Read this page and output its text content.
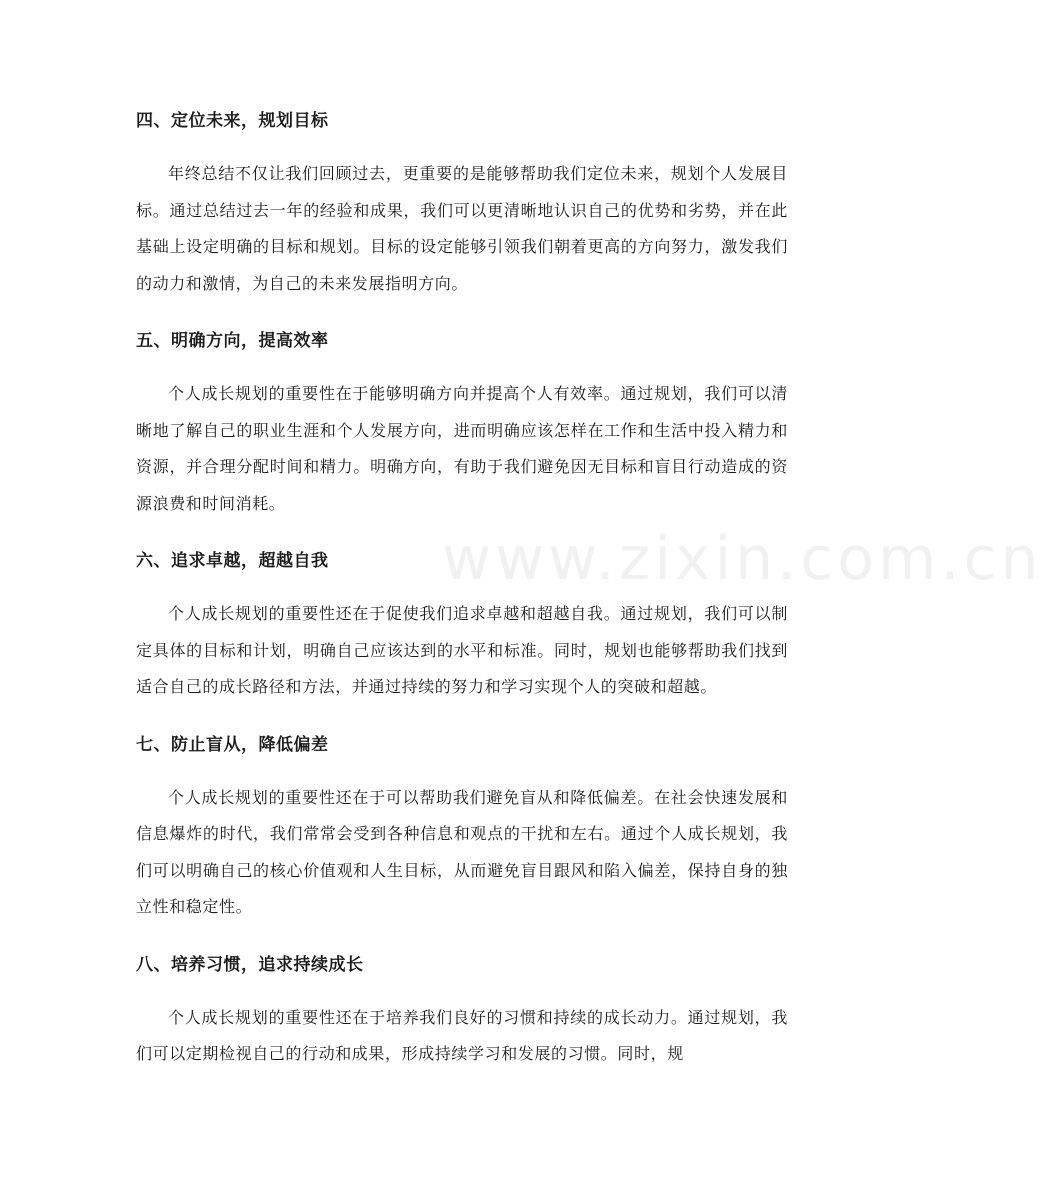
www.zixin.com.cn
四、定位未来，规划目标

年终总结不仅让我们回顾过去，更重要的是能够帮助我们定位未来，规划个人发展目标。通过总结过去一年的经验和成果，我们可以更清晰地认识自己的优势和劣势，并在此基础上设定明确的目标和规划。目标的设定能够引领我们朝着更高的方向努力，激发我们的动力和激情，为自己的未来发展指明方向。

五、明确方向，提高效率

个人成长规划的重要性在于能够明确方向并提高个人有效率。通过规划，我们可以清晰地了解自己的职业生涯和个人发展方向，进而明确应该怎样在工作和生活中投入精力和资源，并合理分配时间和精力。明确方向，有助于我们避免因无目标和盲目行动造成的资源浪费和时间消耗。

六、追求卓越，超越自我

个人成长规划的重要性还在于促使我们追求卓越和超越自我。通过规划，我们可以制定具体的目标和计划，明确自己应该达到的水平和标准。同时，规划也能够帮助我们找到适合自己的成长路径和方法，并通过持续的努力和学习实现个人的突破和超越。

七、防止盲从，降低偏差

个人成长规划的重要性还在于可以帮助我们避免盲从和降低偏差。在社会快速发展和信息爆炸的时代，我们常常会受到各种信息和观点的干扰和左右。通过个人成长规划，我们可以明确自己的核心价值观和人生目标，从而避免盲目跟风和陷入偏差，保持自身的独立性和稳定性。

八、培养习惯，追求持续成长

个人成长规划的重要性还在于培养我们良好的习惯和持续的成长动力。通过规划，我们可以定期检视自己的行动和成果，形成持续学习和发展的习惯。同时，规
